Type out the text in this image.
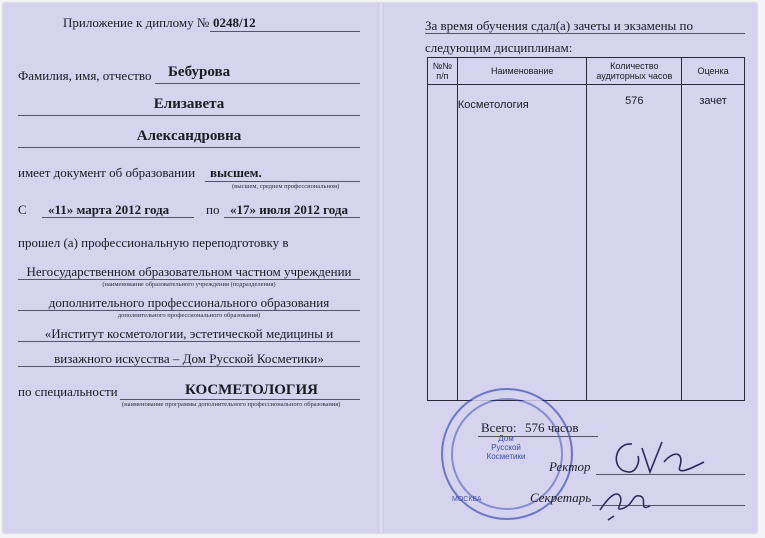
Приложение к диплому № 0248/12
Фамилия, имя, отчество Бебурова
Елизавета
Александровна
имеет документ об образовании высшем.
(высшем, среднем профессиональном)
С «11» марта 2012 года	по «17» июля 2012 года
прошел (а) профессиональную переподготовку в
Негосударственном образовательном частном учреждении
(наименование образовательного учреждения (подразделения)
дополнительного профессионального образования
дополнительного профессионального образования)
«Институт косметологии, эстетической медицины и
визажного искусства – Дом Русской Косметики»
по специальности	КОСМЕТОЛОГИЯ
(наименование программы дополнительного профессионального образования)
За время обучения сдал(а) зачеты и экзамены по
следующим дисциплинам:
№№ п/п	Наименование	Количество аудиторных часов	Оценка
	Косметология	576	зачет
Дом Русской Косметики
МОСКВА
Всего: 576 часов
Ректор
Секретарь
